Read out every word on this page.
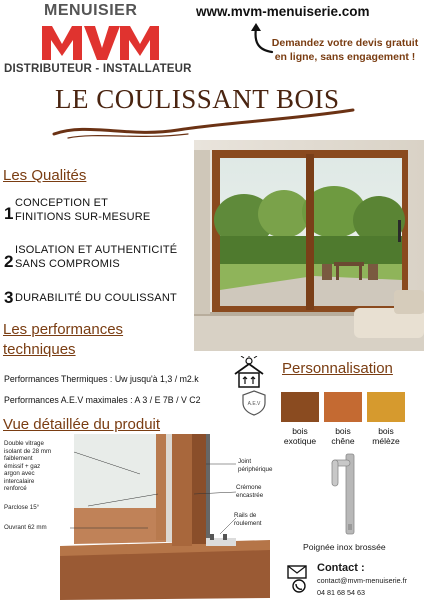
MENUISIER
MVM
DISTRIBUTEUR - INSTALLATEUR
www.mvm-menuiserie.com
Demandez votre devis gratuit en ligne, sans engagement !
LE COULISSANT BOIS
Les Qualités
1
CONCEPTION ET
FINITIONS SUR-MESURE
2
ISOLATION ET AUTHENTICITÉ
SANS COMPROMIS
3 DURABILITÉ DU COULISSANT
Les performances
techniques
Performances Thermiques : Uw jusqu'à 1,3 / m2.k
Performances A.E.V maximales : A 3 / E 7B / V C2	A.E.V
Personnalisation
bois
exotique
bois
chêne
bois
mélèze
Poignée inox brossée
Vue détaillée du produit
Double vitrage
isolant de 28 mm
faiblement
émissif + gaz
argon avec
intercalaire
renforcé
Parclose 15°
Ouvrant 62 mm
Joint
périphérique
Crémone
encastrée
Rails de
roulement
Contact :
contact@mvm-menuiserie.fr
04 81 68 54 63
